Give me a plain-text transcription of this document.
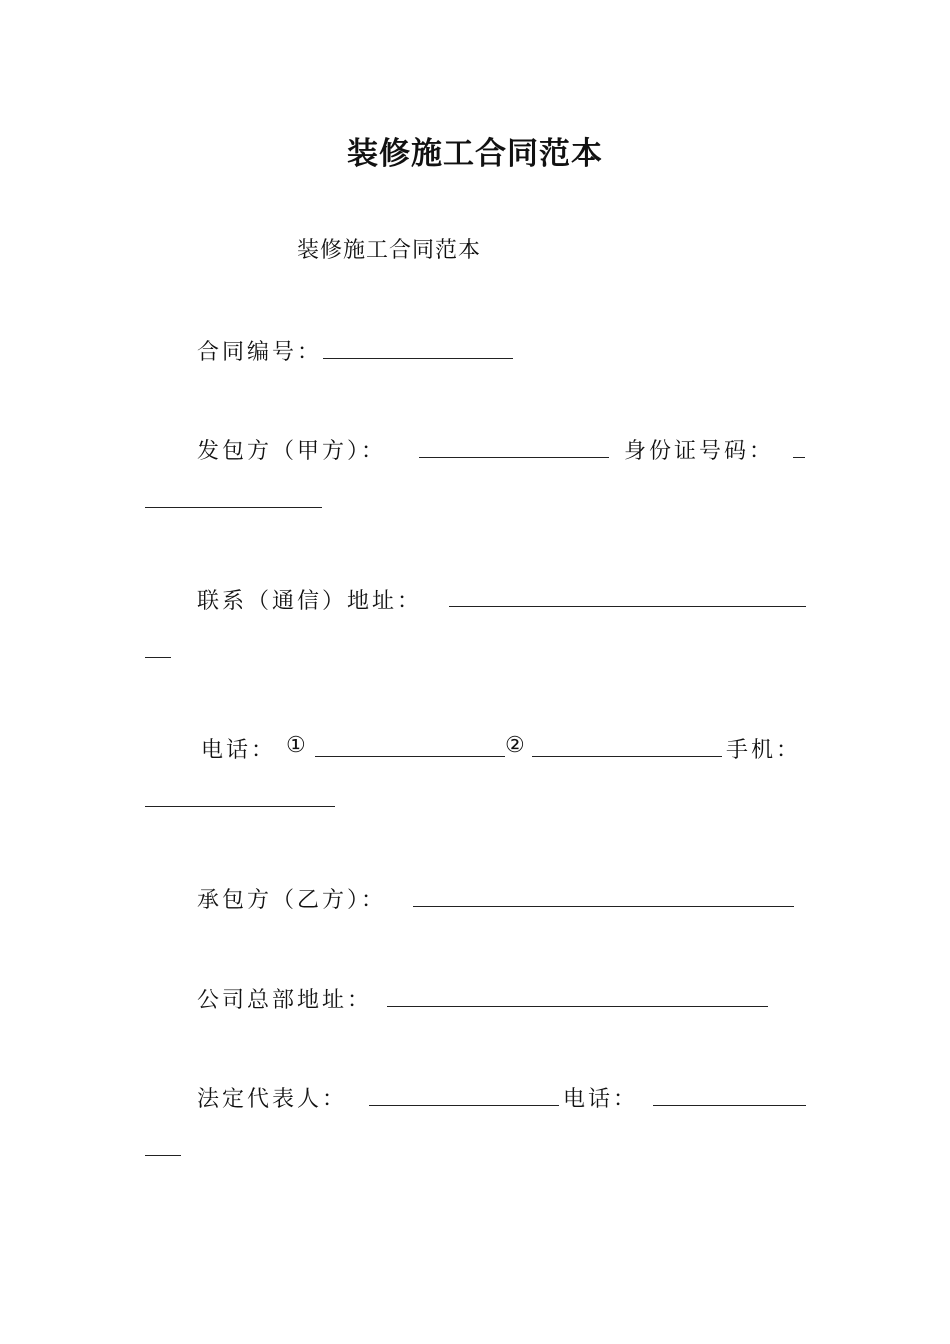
装修施工合同范本
装修施工合同范本
合同编号：
发包方（甲方）：	身份证号码：
联系（通信）地址：
电话： ①	②	手机：
承包方（乙方）：
公司总部地址：
法定代表人：	电话：
